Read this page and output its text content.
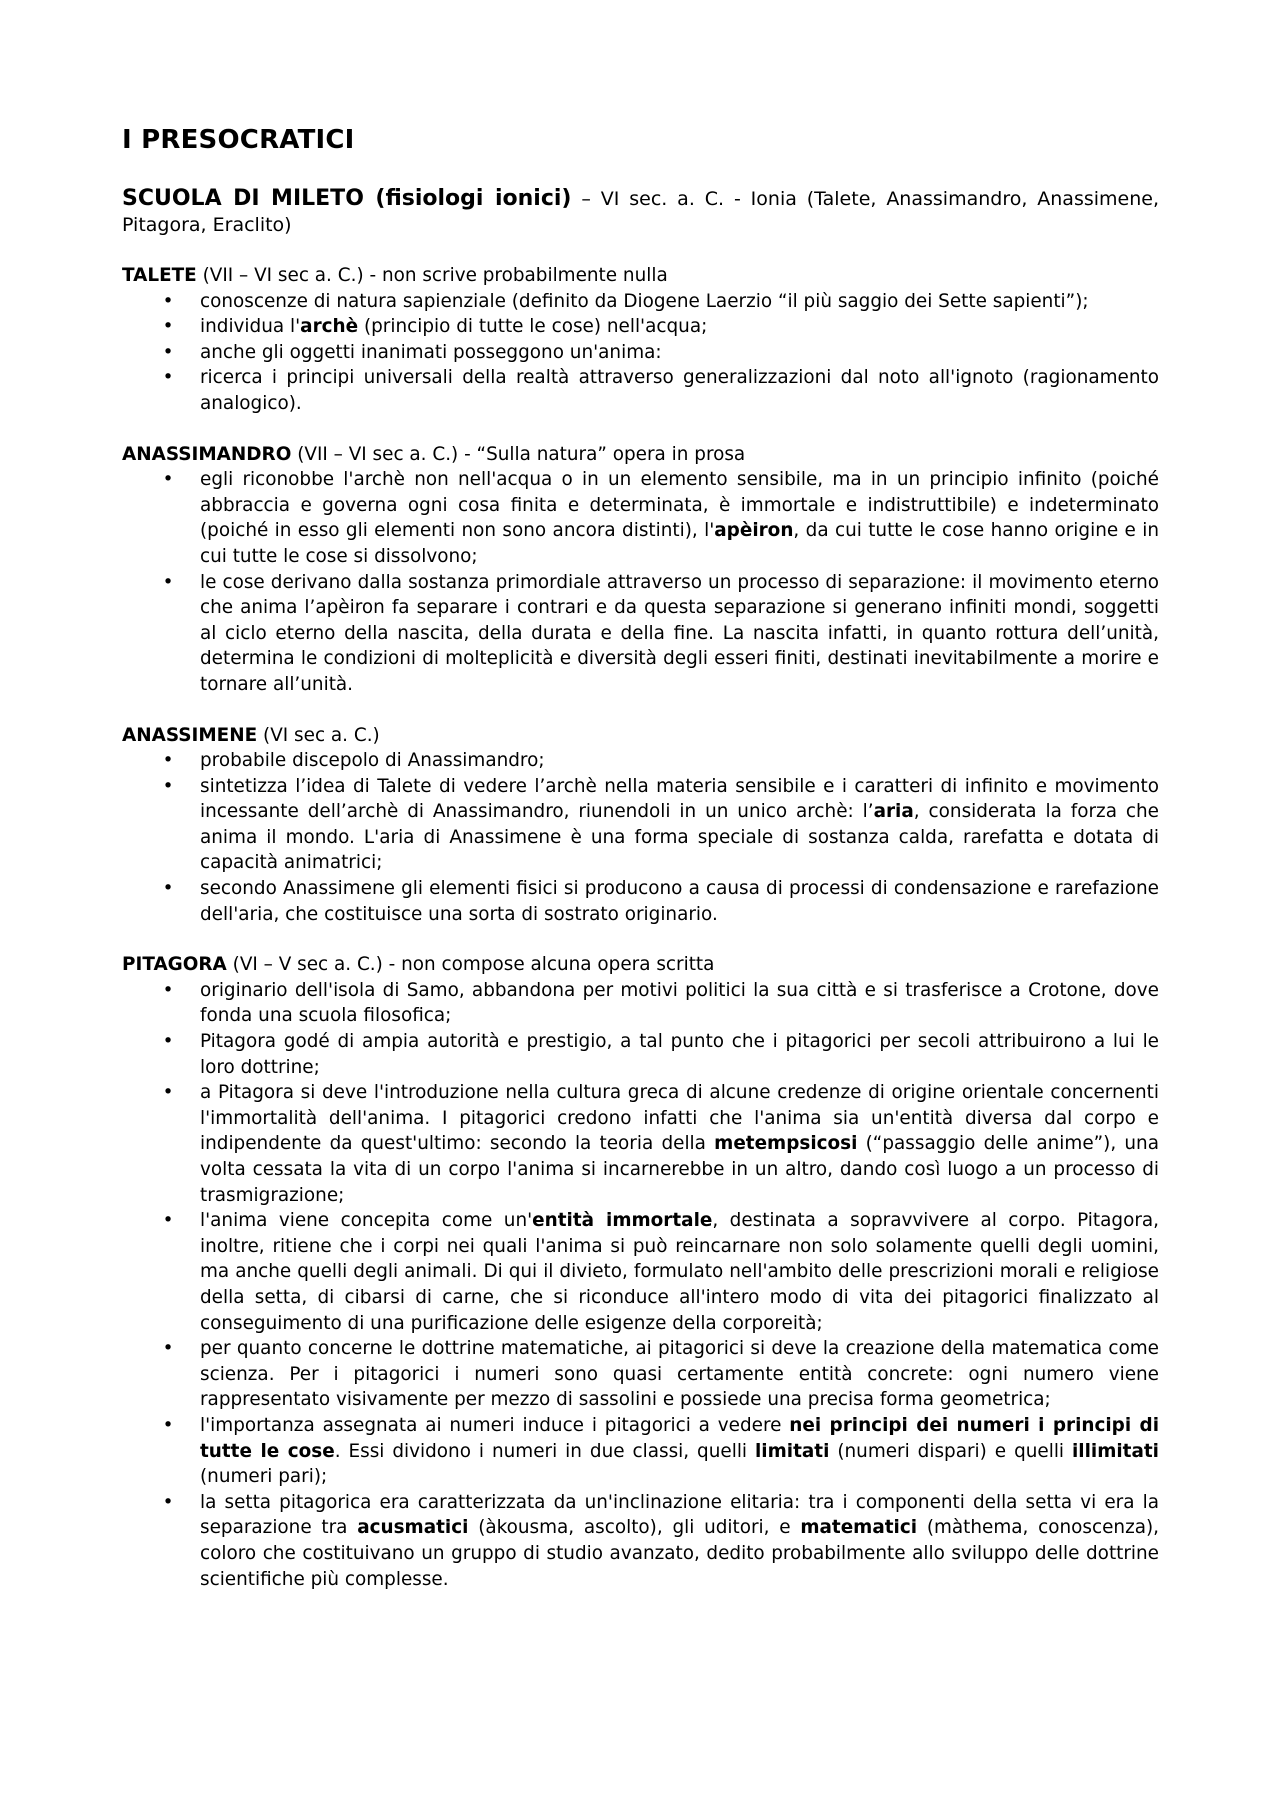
I PRESOCRATICI

SCUOLA DI MILETO (fisiologi ionici) – VI sec. a. C. - Ionia (Talete, Anassimandro, Anassimene, Pitagora, Eraclito)

TALETE (VII – VI sec a. C.) - non scrive probabilmente nulla

• conoscenze di natura sapienziale (definito da Diogene Laerzio “il più saggio dei Sette sapienti”);
• individua l'archè (principio di tutte le cose) nell'acqua;
• anche gli oggetti inanimati posseggono un'anima:
• ricerca i principi universali della realtà attraverso generalizzazioni dal noto all'ignoto (ragionamento analogico).

ANASSIMANDRO (VII – VI sec a. C.) - “Sulla natura” opera in prosa

• egli riconobbe l'archè non nell'acqua o in un elemento sensibile, ma in un principio infinito (poiché abbraccia e governa ogni cosa finita e determinata, è immortale e indistruttibile) e indeterminato (poiché in esso gli elementi non sono ancora distinti), l'apèiron, da cui tutte le cose hanno origine e in cui tutte le cose si dissolvono;
• le cose derivano dalla sostanza primordiale attraverso un processo di separazione: il movimento eterno che anima l’apèiron fa separare i contrari e da questa separazione si generano infiniti mondi, soggetti al ciclo eterno della nascita, della durata e della fine. La nascita infatti, in quanto rottura dell’unità, determina le condizioni di molteplicità e diversità degli esseri finiti, destinati inevitabilmente a morire e tornare all’unità.

ANASSIMENE (VI sec a. C.)

• probabile discepolo di Anassimandro;
• sintetizza l’idea di Talete di vedere l’archè nella materia sensibile e i caratteri di infinito e movimento incessante dell’archè di Anassimandro, riunendoli in un unico archè: l’aria, considerata la forza che anima il mondo. L'aria di Anassimene è una forma speciale di sostanza calda, rarefatta e dotata di capacità animatrici;
• secondo Anassimene gli elementi fisici si producono a causa di processi di condensazione e rarefazione dell'aria, che costituisce una sorta di sostrato originario.

PITAGORA (VI – V sec a. C.) - non compose alcuna opera scritta

• originario dell'isola di Samo, abbandona per motivi politici la sua città e si trasferisce a Crotone, dove fonda una scuola filosofica;
• Pitagora godé di ampia autorità e prestigio, a tal punto che i pitagorici per secoli attribuirono a lui le loro dottrine;
• a Pitagora si deve l'introduzione nella cultura greca di alcune credenze di origine orientale concernenti l'immortalità dell'anima. I pitagorici credono infatti che l'anima sia un'entità diversa dal corpo e indipendente da quest'ultimo: secondo la teoria della metempsicosi (“passaggio delle anime”), una volta cessata la vita di un corpo l'anima si incarnerebbe in un altro, dando così luogo a un processo di trasmigrazione;
• l'anima viene concepita come un'entità immortale, destinata a sopravvivere al corpo. Pitagora, inoltre, ritiene che i corpi nei quali l'anima si può reincarnare non solo solamente quelli degli uomini, ma anche quelli degli animali. Di qui il divieto, formulato nell'ambito delle prescrizioni morali e religiose della setta, di cibarsi di carne, che si riconduce all'intero modo di vita dei pitagorici finalizzato al conseguimento di una purificazione delle esigenze della corporeità;
• per quanto concerne le dottrine matematiche, ai pitagorici si deve la creazione della matematica come scienza. Per i pitagorici i numeri sono quasi certamente entità concrete: ogni numero viene rappresentato visivamente per mezzo di sassolini e possiede una precisa forma geometrica;
• l'importanza assegnata ai numeri induce i pitagorici a vedere nei principi dei numeri i principi di tutte le cose. Essi dividono i numeri in due classi, quelli limitati (numeri dispari) e quelli illimitati (numeri pari);
• la setta pitagorica era caratterizzata da un'inclinazione elitaria: tra i componenti della setta vi era la separazione tra acusmatici (àkousma, ascolto), gli uditori, e matematici (màthema, conoscenza), coloro che costituivano un gruppo di studio avanzato, dedito probabilmente allo sviluppo delle dottrine scientifiche più complesse.
